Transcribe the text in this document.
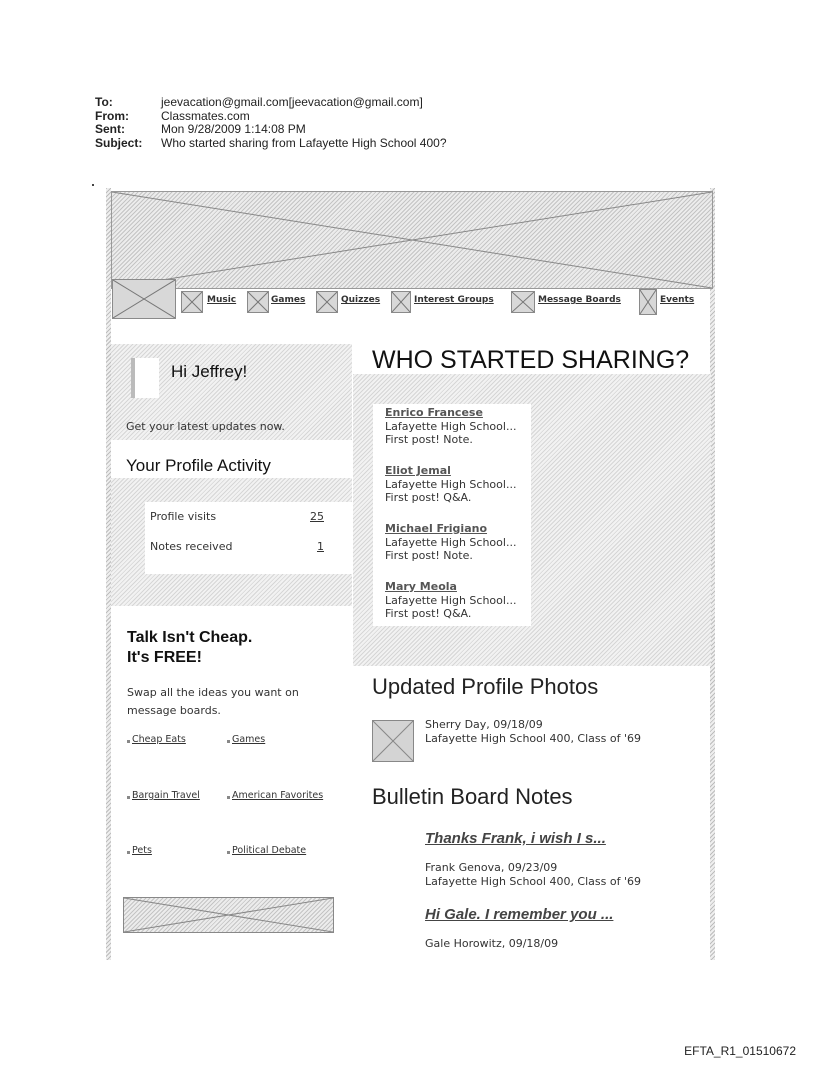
To:	jeevacation@gmail.com[jeevacation@gmail.com]
From:	Classmates.com
Sent:	Mon 9/28/2009 1:14:08 PM
Subject:	Who started sharing from Lafayette High School 400?
Music	Games	Quizzes	Interest Groups	Message Boards	Events
Hi Jeffrey!
Get your latest updates now.
Your Profile Activity
Profile visits	25
Notes received	1
Talk Isn't Cheap.
It's FREE!
Swap all the ideas you want on message boards.
Cheap Eats	Games
Bargain Travel	American Favorites
Pets	Political Debate
WHO STARTED SHARING?
Enrico Francese
Lafayette High School...
First post! Note.
Eliot Jemal
Lafayette High School...
First post! Q&A.
Michael Frigiano
Lafayette High School...
First post! Note.
Mary Meola
Lafayette High School...
First post! Q&A.
Updated Profile Photos
Sherry Day, 09/18/09
Lafayette High School 400, Class of '69
Bulletin Board Notes
Thanks Frank, i wish I s...
Frank Genova, 09/23/09
Lafayette High School 400, Class of '69
Hi Gale. I remember you ...
Gale Horowitz, 09/18/09
EFTA_R1_01510672
